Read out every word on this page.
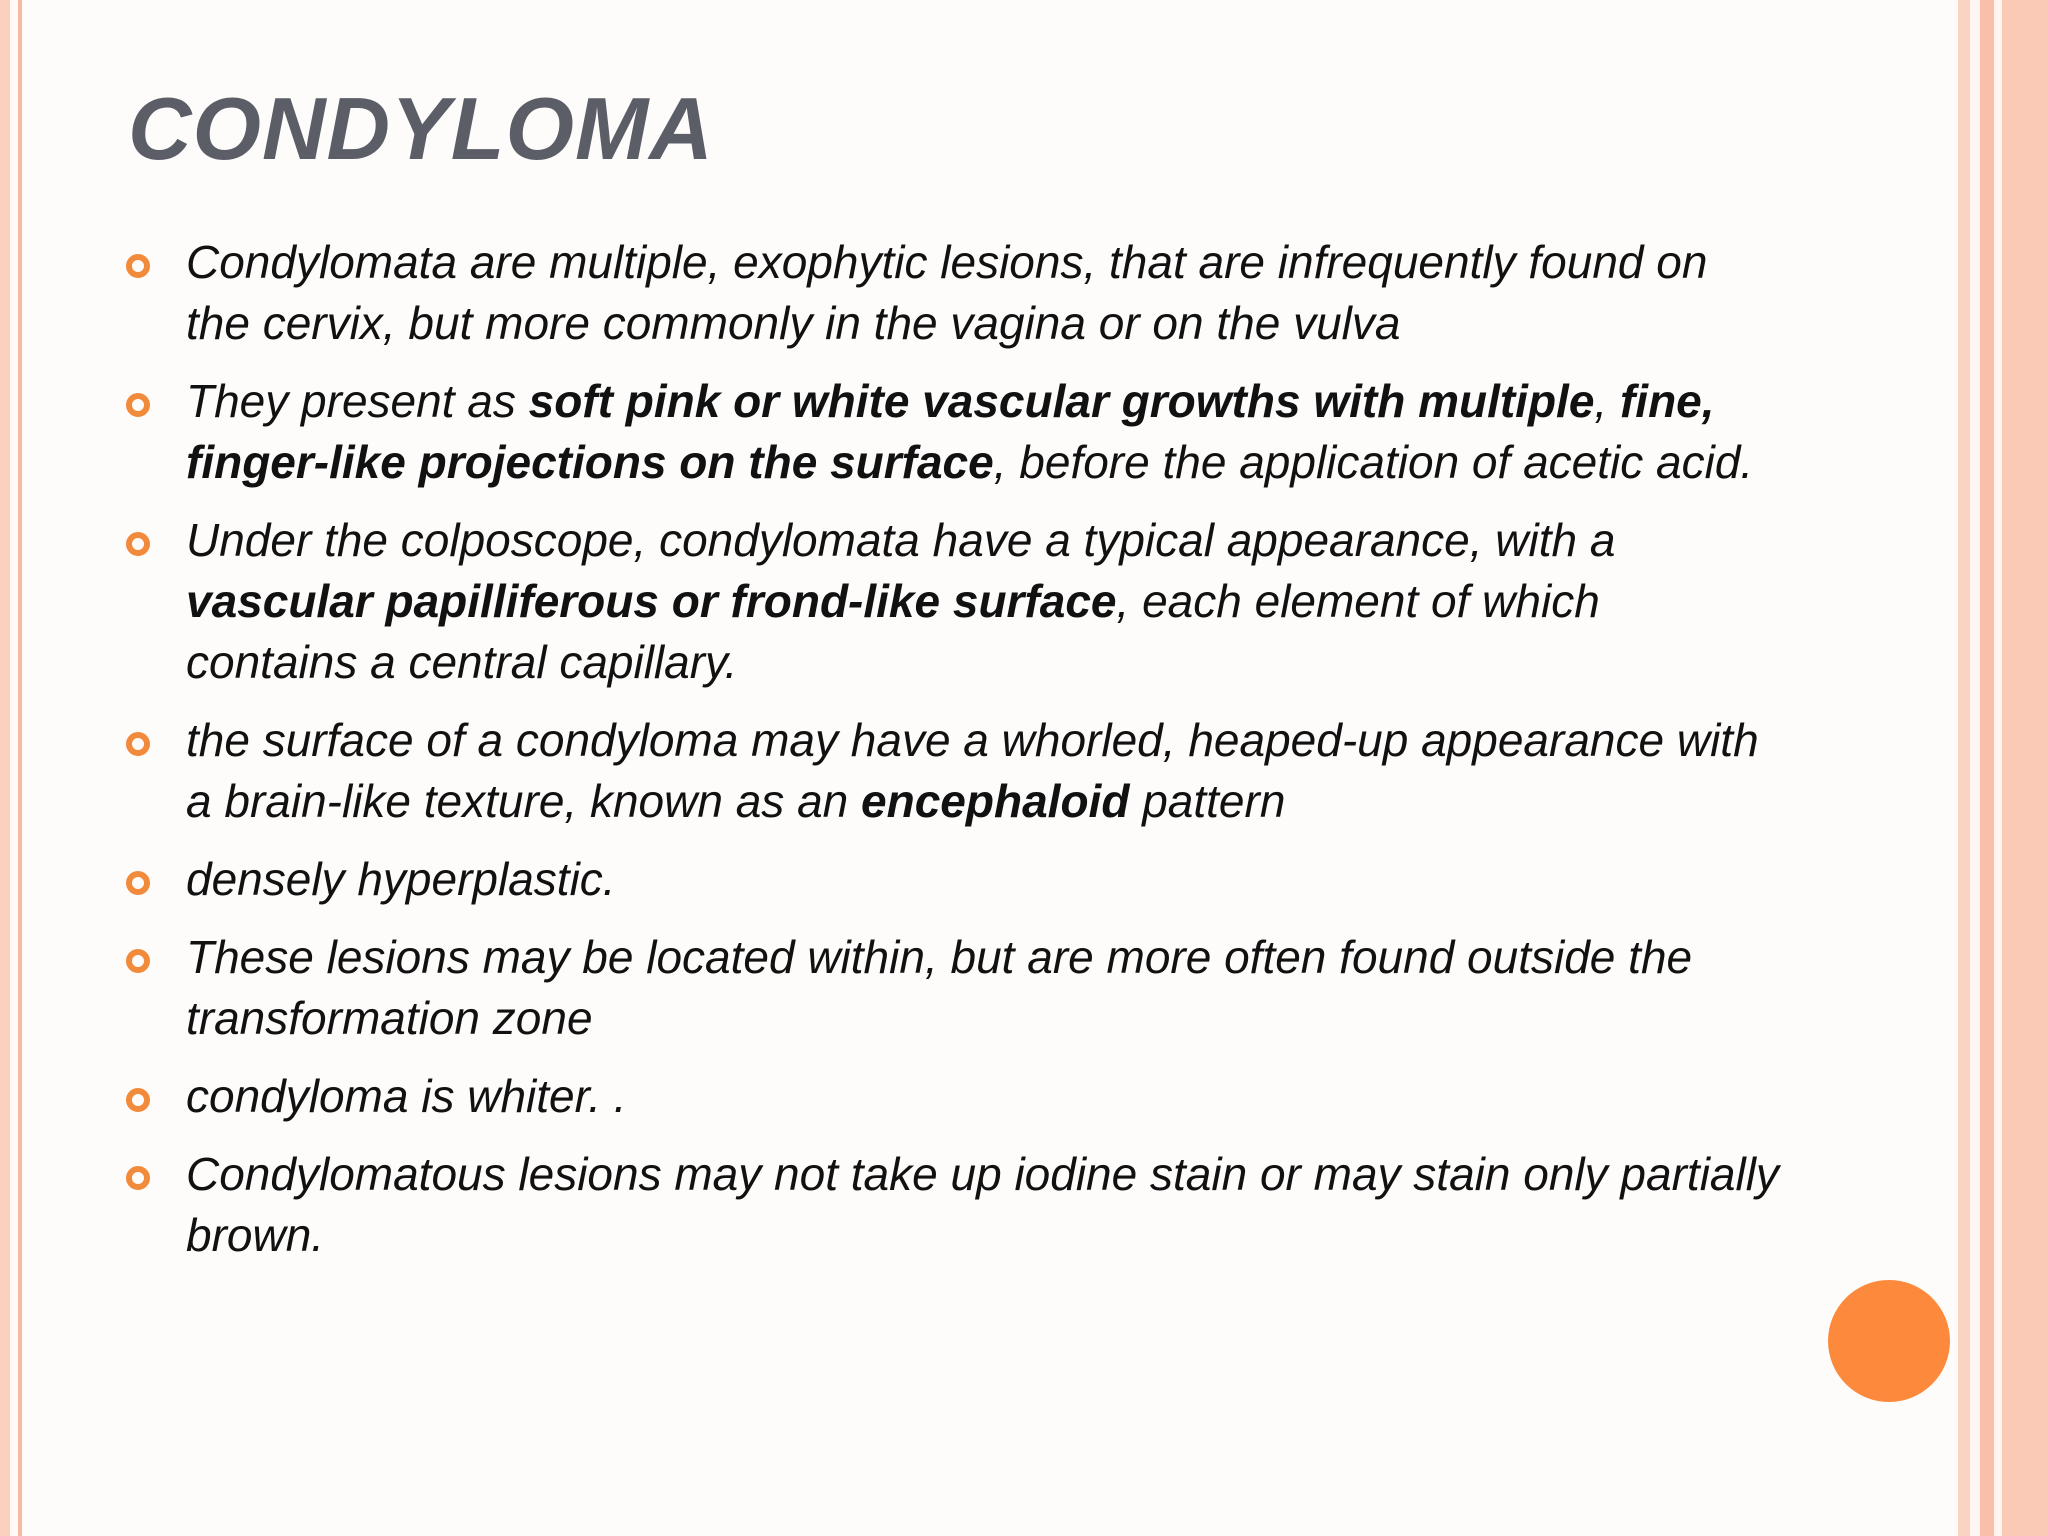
CONDYLOMA
Condylomata are multiple, exophytic lesions, that are infrequently found on the cervix, but more commonly in the vagina or on the vulva
They present as soft pink or white vascular growths with multiple, fine, finger-like projections on the surface, before the application of acetic acid.
Under the colposcope, condylomata have a typical appearance, with a vascular papilliferous or frond-like surface, each element of which contains a central capillary.
the surface of a condyloma may have a whorled, heaped-up appearance with a brain-like texture, known as an encephaloid pattern
densely hyperplastic.
These lesions may be located within, but are more often found outside the transformation zone
condyloma is whiter. .
Condylomatous lesions may not take up iodine stain or may stain only partially brown.
